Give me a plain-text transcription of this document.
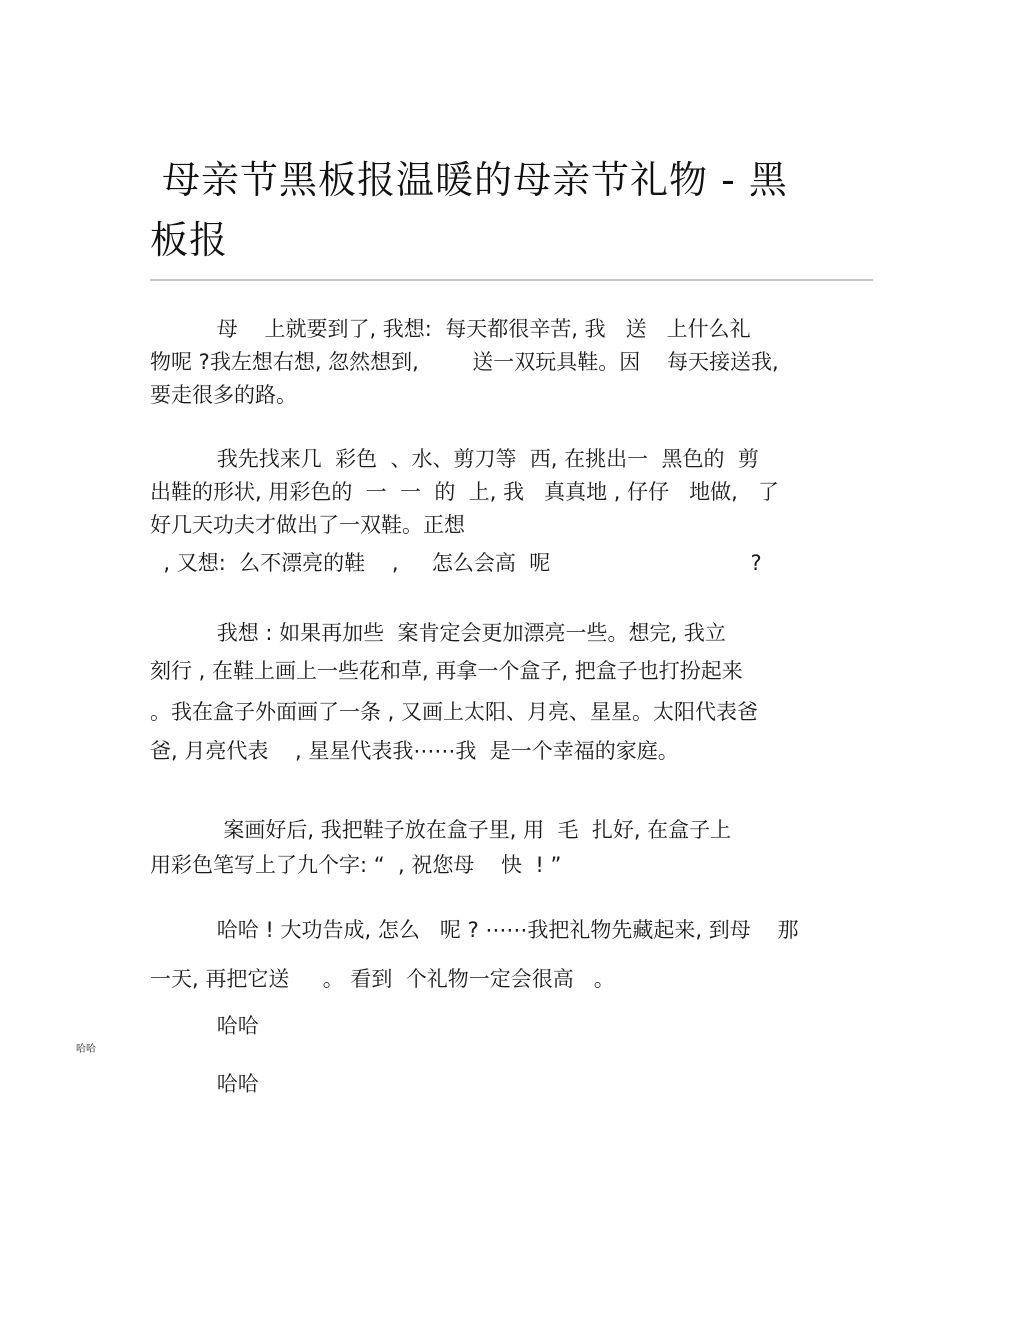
母亲节黑板报温暖的母亲节礼物 - 黑
板报
母    上就要到了, 我想:  每天都很辛苦, 我   送   上什么礼
物呢 ?我左想右想, 忽然想到,        送一双玩具鞋。因    每天接送我,
要走很多的路。
我先找来几  彩色  、水、剪刀等  西, 在挑出一  黑色的  剪
出鞋的形状, 用彩色的  一  一  的  上, 我   真真地 , 仔仔   地做,   了
好几天功夫才做出了一双鞋。正想
, 又想:  么不漂亮的鞋    ,     怎么会高  呢                              ?
我想 : 如果再加些  案肯定会更加漂亮一些。想完, 我立
刻行 , 在鞋上画上一些花和草, 再拿一个盒子, 把盒子也打扮起来
。我在盒子外面画了一条 , 又画上太阳、月亮、星星。太阳代表爸
爸, 月亮代表    , 星星代表我⋯⋯我  是一个幸福的家庭。
案画好后, 我把鞋子放在盒子里, 用  毛  扎好, 在盒子上
用彩色笔写上了九个字: “  , 祝您母    快  ! ”
哈哈 ! 大功告成, 怎么   呢 ? ⋯⋯我把礼物先藏起来, 到母    那
一天, 再把它送     。 看到  个礼物一定会很高   。
哈哈
哈哈
哈哈
